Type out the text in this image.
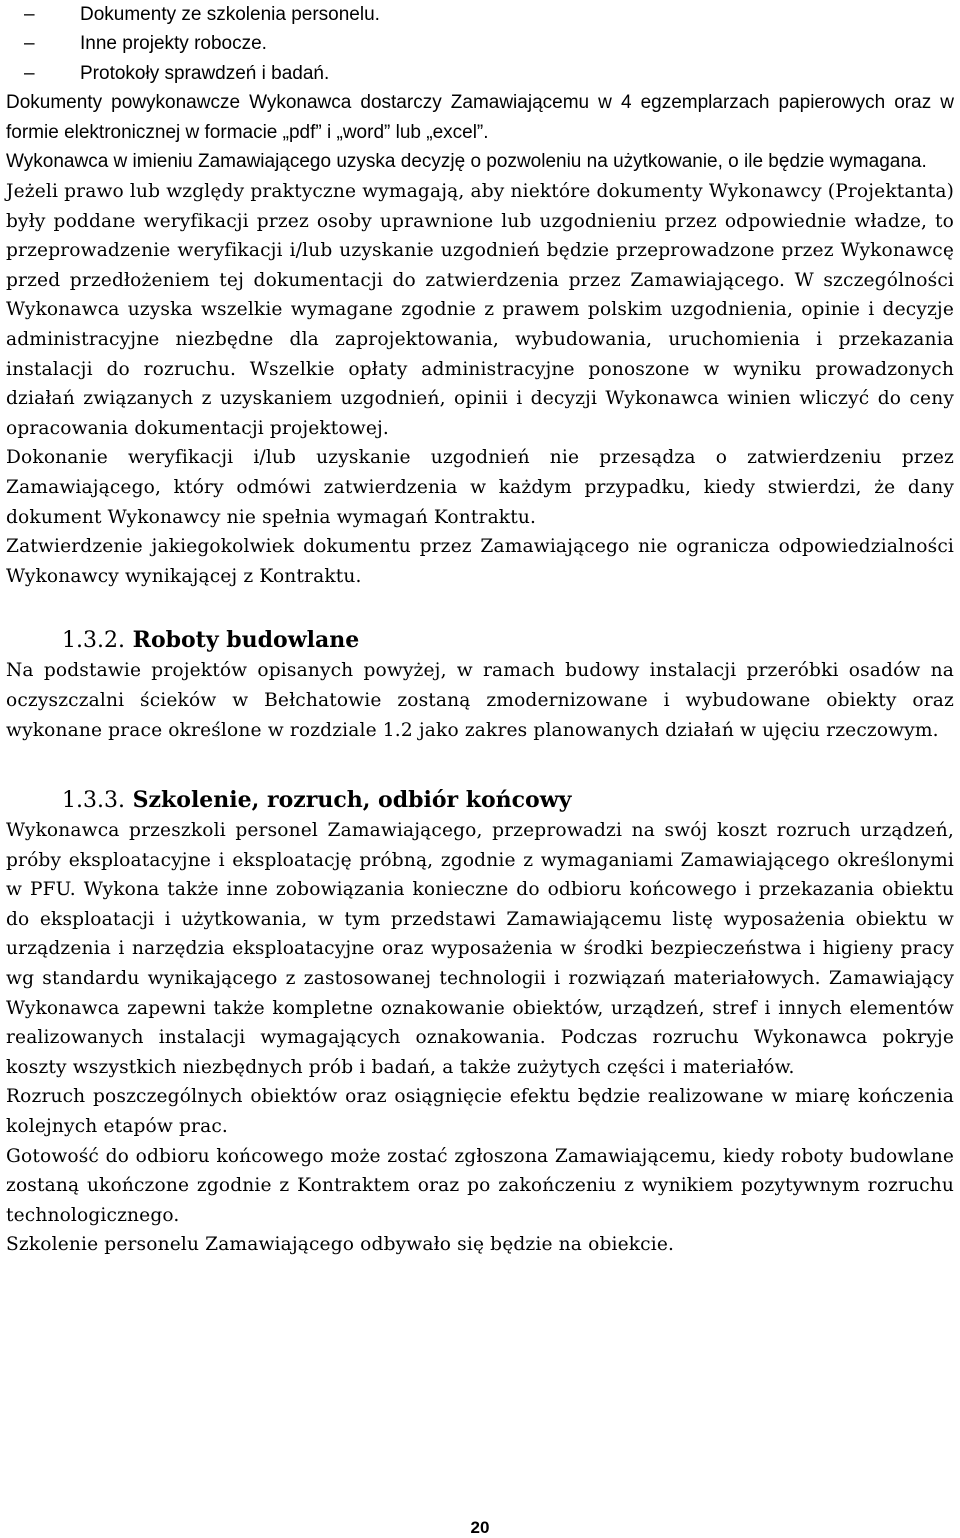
– Dokumenty ze szkolenia personelu.
– Inne projekty robocze.
– Protokoły sprawdzeń i badań.

Dokumenty powykonawcze Wykonawca dostarczy Zamawiającemu w 4 egzemplarzach papierowych oraz w formie elektronicznej w formacie „pdf” i „word” lub „excel”.

Wykonawca w imieniu Zamawiającego uzyska decyzję o pozwoleniu na użytkowanie, o ile będzie wymagana.

Jeżeli prawo lub względy praktyczne wymagają, aby niektóre dokumenty Wykonawcy (Projektanta) były poddane weryfikacji przez osoby uprawnione lub uzgodnieniu przez odpowiednie władze, to przeprowadzenie weryfikacji i/lub uzyskanie uzgodnień będzie przeprowadzone przez Wykonawcę przed przedłożeniem tej dokumentacji do zatwierdzenia przez Zamawiającego. W szczególności Wykonawca uzyska wszelkie wymagane zgodnie z prawem polskim uzgodnienia, opinie i decyzje administracyjne niezbędne dla zaprojektowania, wybudowania, uruchomienia i przekazania instalacji do rozruchu. Wszelkie opłaty administracyjne ponoszone w wyniku prowadzonych działań związanych z uzyskaniem uzgodnień, opinii i decyzji Wykonawca winien wliczyć do ceny opracowania dokumentacji projektowej.

Dokonanie weryfikacji i/lub uzyskanie uzgodnień nie przesądza o zatwierdzeniu przez Zamawiającego, który odmówi zatwierdzenia w każdym przypadku, kiedy stwierdzi, że dany dokument Wykonawcy nie spełnia wymagań Kontraktu.

Zatwierdzenie jakiegokolwiek dokumentu przez Zamawiającego nie ogranicza odpowiedzialności Wykonawcy wynikającej z Kontraktu.

1.3.2. Roboty budowlane

Na podstawie projektów opisanych powyżej, w ramach budowy instalacji przeróbki osadów na oczyszczalni ścieków w Bełchatowie zostaną zmodernizowane i wybudowane obiekty oraz wykonane prace określone w rozdziale 1.2 jako zakres planowanych działań w ujęciu rzeczowym.

1.3.3. Szkolenie, rozruch, odbiór końcowy

Wykonawca przeszkoli personel Zamawiającego, przeprowadzi na swój koszt rozruch urządzeń, próby eksploatacyjne i eksploatację próbną, zgodnie z wymaganiami Zamawiającego określonymi w PFU. Wykona także inne zobowiązania konieczne do odbioru końcowego i przekazania obiektu do eksploatacji i użytkowania, w tym przedstawi Zamawiającemu listę wyposażenia obiektu w urządzenia i narzędzia eksploatacyjne oraz wyposażenia w środki bezpieczeństwa i higieny pracy wg standardu wynikającego z zastosowanej technologii i rozwiązań materiałowych. Zamawiający Wykonawca zapewni także kompletne oznakowanie obiektów, urządzeń, stref i innych elementów realizowanych instalacji wymagających oznakowania. Podczas rozruchu Wykonawca pokryje koszty wszystkich niezbędnych prób i badań, a także zużytych części i materiałów.

Rozruch poszczególnych obiektów oraz osiągnięcie efektu będzie realizowane w miarę kończenia kolejnych etapów prac.

Gotowość do odbioru końcowego może zostać zgłoszona Zamawiającemu, kiedy roboty budowlane zostaną ukończone zgodnie z Kontraktem oraz po zakończeniu z wynikiem pozytywnym rozruchu technologicznego.

Szkolenie personelu Zamawiającego odbywało się będzie na obiekcie.

20
